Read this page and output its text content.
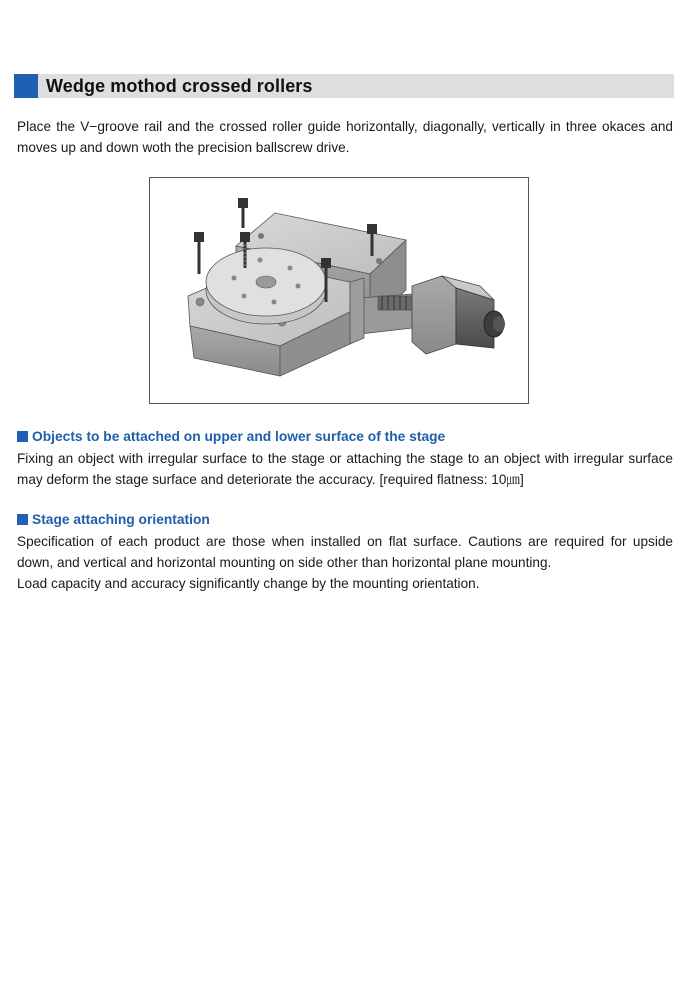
Wedge mothod crossed rollers
Place the V−groove rail and the crossed roller guide horizontally, diagonally, vertically in three okaces and
moves up and down woth the precision ballscrew drive.
Objects to be attached on upper and lower surface of the stage
Fixing an object with irregular surface to the stage or attaching the stage to an object with irregular surface
may deform the stage surface and deteriorate the accuracy. [required flatness: 10㎛]
Stage attaching orientation
Specification of each product are those when installed on flat surface. Cautions are required for upside
down, and vertical and horizontal mounting on side other than horizontal plane mounting.
Load capacity and accuracy significantly change by the mounting orientation.
